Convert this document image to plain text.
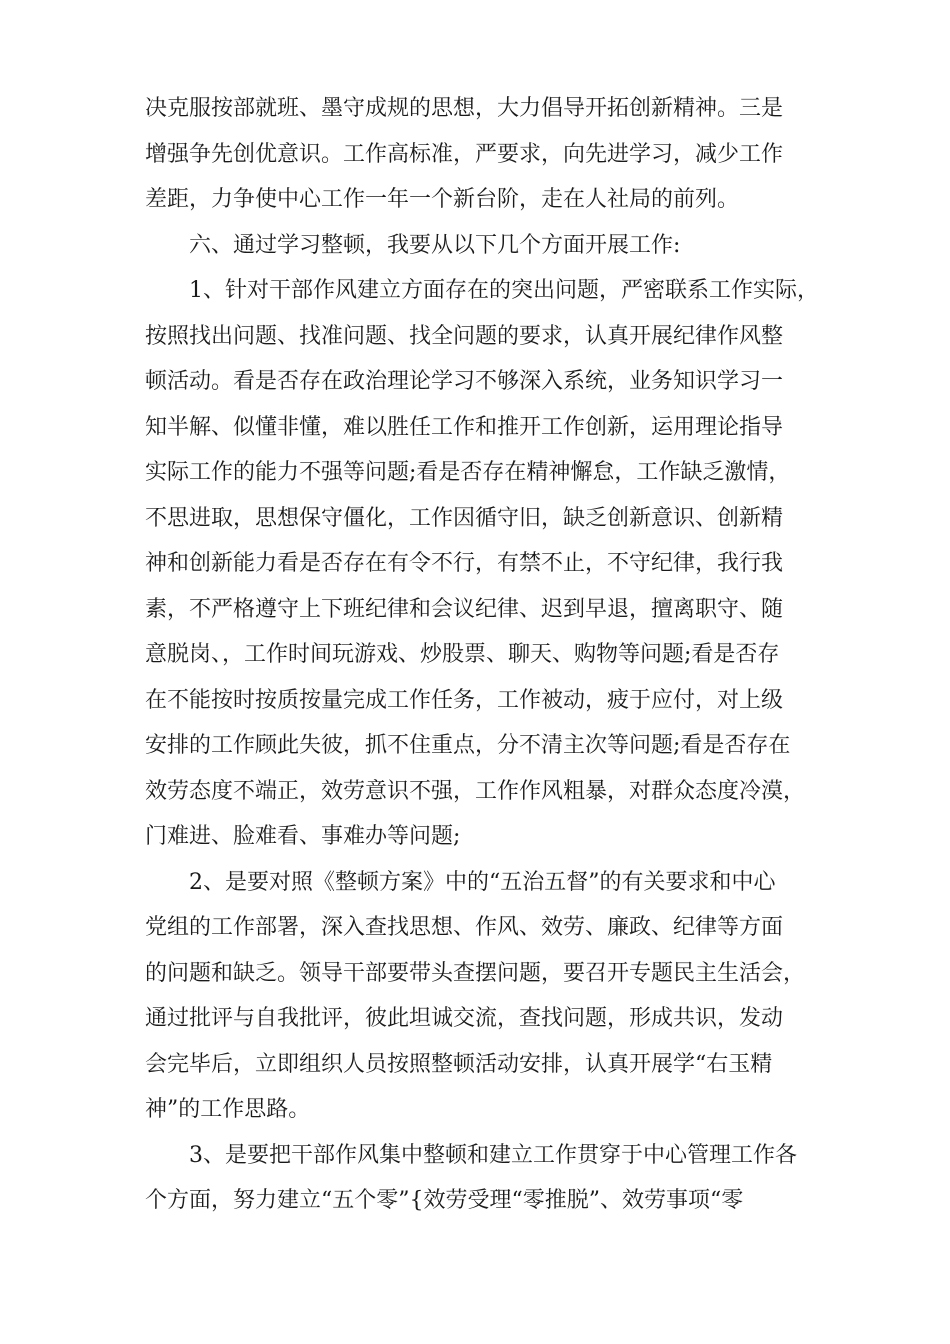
决克服按部就班、墨守成规的思想，大力倡导开拓创新精神。三是
增强争先创优意识。工作高标准，严要求，向先进学习，减少工作
差距，力争使中心工作一年一个新台阶，走在人社局的前列。
六、通过学习整顿，我要从以下几个方面开展工作:
1、针对干部作风建立方面存在的突出问题，严密联系工作实际，
按照找出问题、找准问题、找全问题的要求，认真开展纪律作风整
顿活动。看是否存在政治理论学习不够深入系统，业务知识学习一
知半解、似懂非懂，难以胜任工作和推开工作创新，运用理论指导
实际工作的能力不强等问题;看是否存在精神懈怠，工作缺乏激情，
不思进取，思想保守僵化，工作因循守旧，缺乏创新意识、创新精
神和创新能力看是否存在有令不行，有禁不止，不守纪律，我行我
素，不严格遵守上下班纪律和会议纪律、迟到早退，擅离职守、随
意脱岗、，工作时间玩游戏、炒股票、聊天、购物等问题;看是否存
在不能按时按质按量完成工作任务，工作被动，疲于应付，对上级
安排的工作顾此失彼，抓不住重点，分不清主次等问题;看是否存在
效劳态度不端正，效劳意识不强，工作作风粗暴，对群众态度冷漠，
门难进、脸难看、事难办等问题;
2、是要对照《整顿方案》中的“五治五督”的有关要求和中心
党组的工作部署，深入查找思想、作风、效劳、廉政、纪律等方面
的问题和缺乏。领导干部要带头查摆问题，要召开专题民主生活会，
通过批评与自我批评，彼此坦诚交流，查找问题，形成共识，发动
会完毕后，立即组织人员按照整顿活动安排，认真开展学“右玉精
神”的工作思路。
3、是要把干部作风集中整顿和建立工作贯穿于中心管理工作各
个方面，努力建立“五个零”{效劳受理“零推脱”、效劳事项“零
